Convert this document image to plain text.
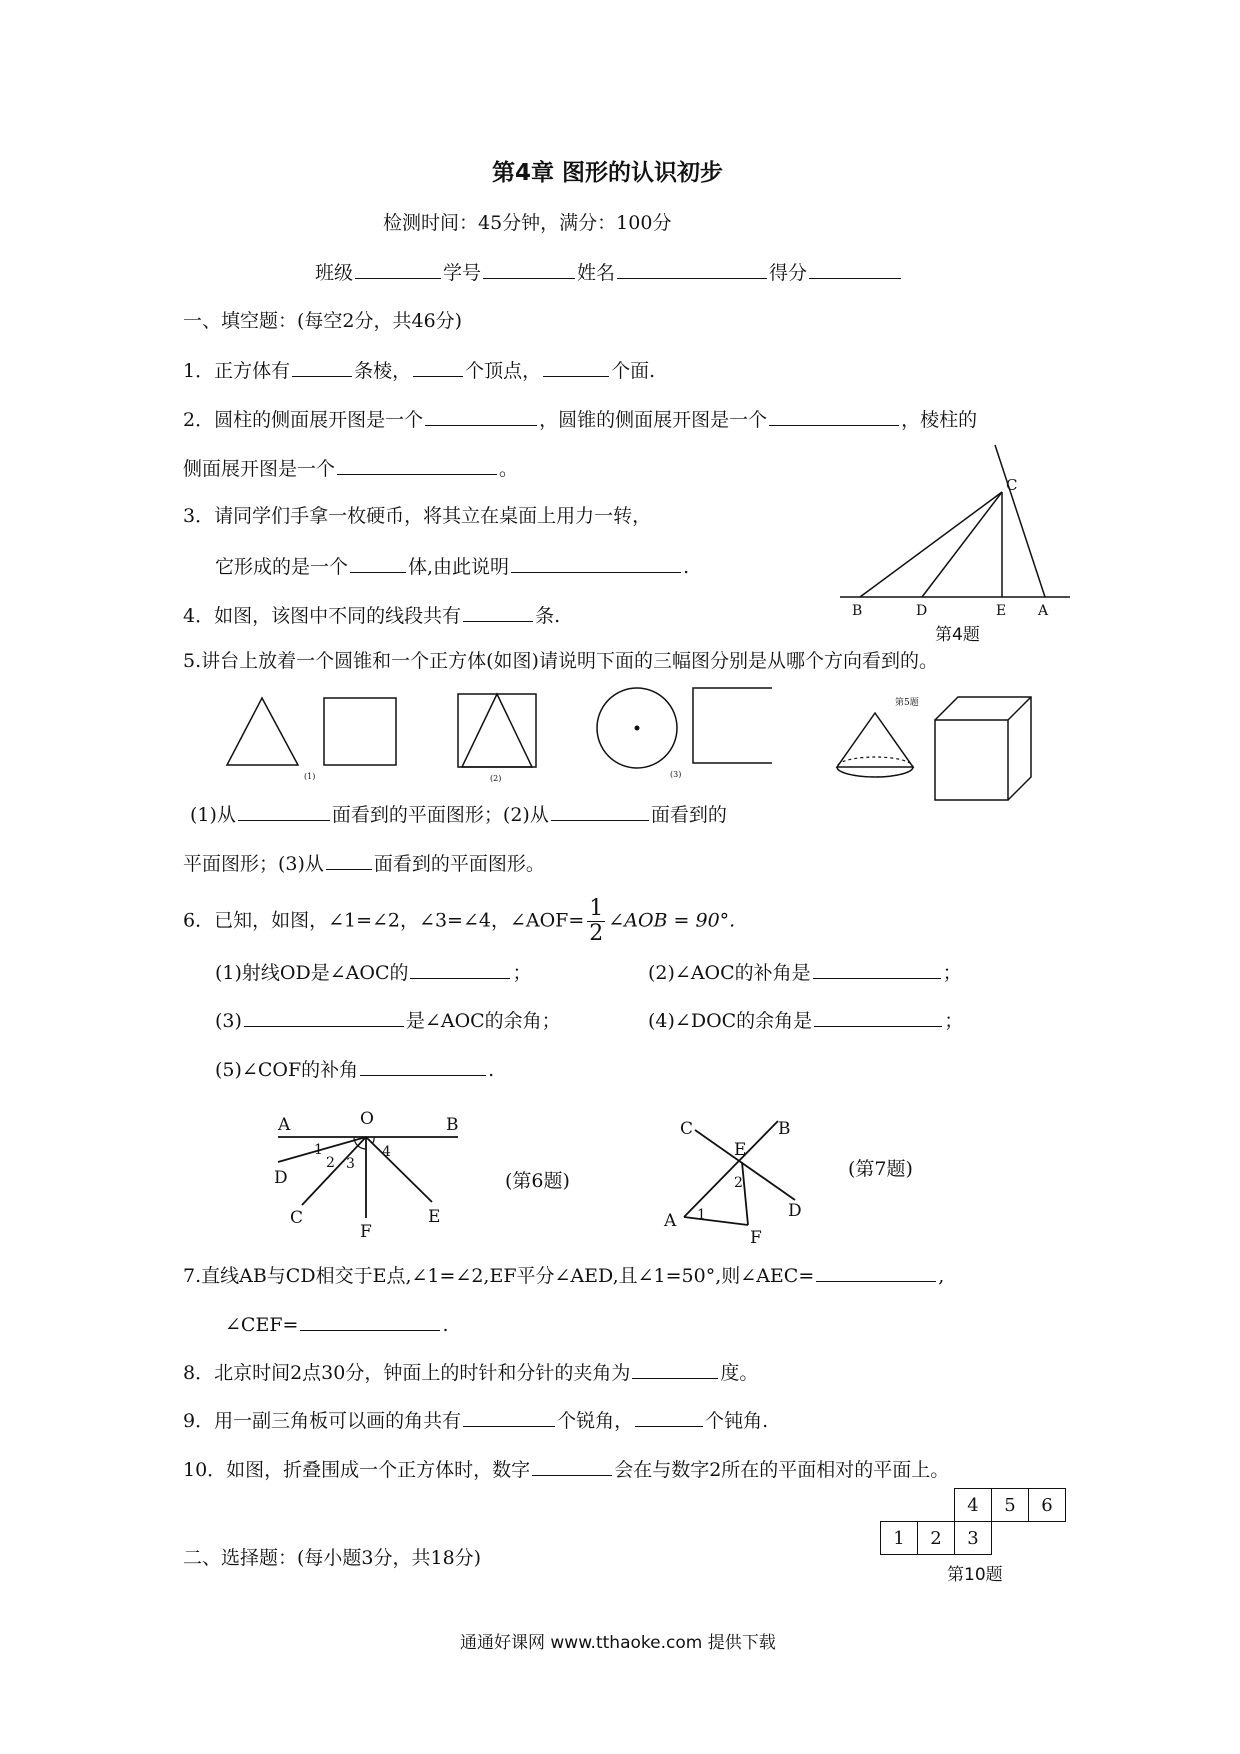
第4章 图形的认识初步
检测时间：45分钟，满分：100分
班级	学号	姓名	得分
一、填空题：(每空2分，共46分)
1．正方体有	条棱，	个顶点，	个面.
2．圆柱的侧面展开图是一个	，圆锥的侧面展开图是一个	，棱柱的
侧面展开图是一个	。
3．请同学们手拿一枚硬币，将其立在桌面上用力一转，
它形成的是一个	体,由此说明	.
4．如图，该图中不同的线段共有	条.
C
B	D	E A
第4题
5.讲台上放着一个圆锥和一个正方体(如图)请说明下面的三幅图分别是从哪个方向看到的。
(1)	(2)	(3)
第5题
(1)从	面看到的平面图形；(2)从	面看到的
平面图形；(3)从	面看到的平面图形。
6．已知，如图，∠1=∠2，∠3=∠4，∠AOF= $\frac{1}{2}$ ∠AOB = 90°.
(1)射线OD是∠AOC的	；	(2)∠AOC的补角是	；
(3)	是∠AOC的余角；	(4)∠DOC的余角是	；
(5)∠COF的补角	.
A	O	B
1
2 3
4
D
C
F
E
(第6题)
C
E
B
2
D
A 1
F
(第7题)
7.直线AB与CD相交于E点,∠1=∠2,EF平分∠AED,且∠1=50°,则∠AEC=	,
∠CEF=	.
8．北京时间2点30分，钟面上的时针和分针的夹角为	度。
9．用一副三角板可以画的角共有	个锐角，	个钝角.
10．如图，折叠围成一个正方体时，数字	会在与数字2所在的平面相对的平面上。
		4	5	6
1	2	3		
第10题
二、选择题：(每小题3分，共18分)
通通好课网 www.tthaoke.com 提供下载
